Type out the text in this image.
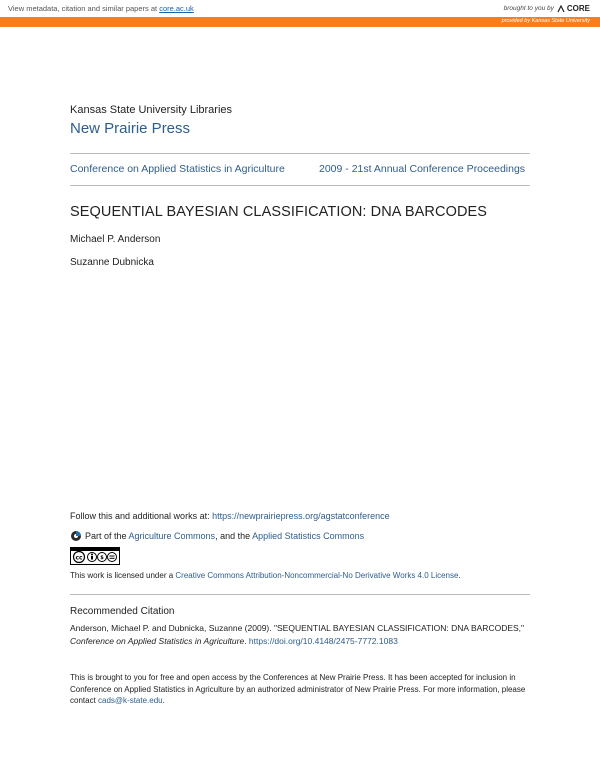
View metadata, citation and similar papers at core.ac.uk	brought to you by CORE
provided by Kansas State University
Kansas State University Libraries
New Prairie Press
Conference on Applied Statistics in Agriculture	2009 - 21st Annual Conference Proceedings
SEQUENTIAL BAYESIAN CLASSIFICATION: DNA BARCODES
Michael P. Anderson
Suzanne Dubnicka
Follow this and additional works at: https://newprairiepress.org/agstatconference
Part of the Agriculture Commons, and the Applied Statistics Commons
cc	$
This work is licensed under a Creative Commons Attribution-Noncommercial-No Derivative Works 4.0 License.
Recommended Citation
Anderson, Michael P. and Dubnicka, Suzanne (2009). "SEQUENTIAL BAYESIAN CLASSIFICATION: DNA BARCODES," Conference on Applied Statistics in Agriculture. https://doi.org/10.4148/2475-7772.1083
This is brought to you for free and open access by the Conferences at New Prairie Press. It has been accepted for inclusion in Conference on Applied Statistics in Agriculture by an authorized administrator of New Prairie Press. For more information, please contact cads@k-state.edu.
